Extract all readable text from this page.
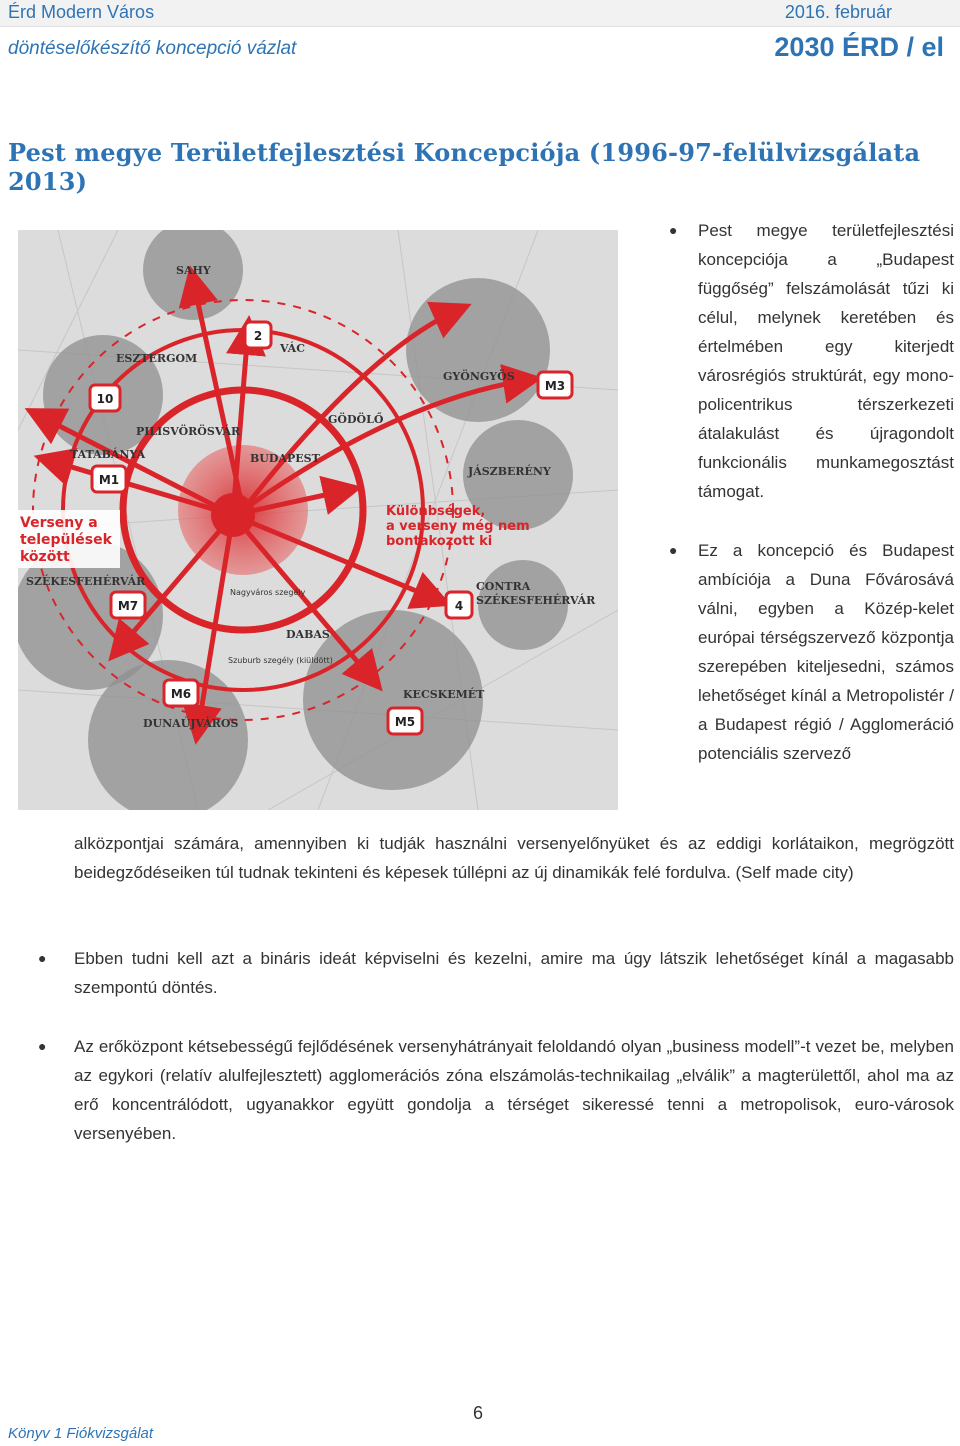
Érd Modern Város	2016. február
döntéselőkészítő koncepció vázlat	2030 ÉRD / el
Pest megye Területfejlesztési Koncepciója (1996-97-felülvizsgálata 2013)
SAHY
VÁC
ESZTERGOM
GYÖNGYÖS
PILISVÖRÖSVÁR
GÖDÖLŐ
TATABÁNYA	BUDAPEST
JÁSZBERÉNY
Különbségek,
a verseny még nem
bontakozott ki
Verseny a
települések
között
SZÉKESFEHÉRVÁR	CONTRA
SZÉKESFEHÉRVÁR
Nagyváros szegély
DABAS
Szuburb szegély (kiüldött)
KECSKEMÉT
DUNAÚJVÁROS
2
10
M3
M1
M7	4
M6
M5
● Pest megye területfejlesztési koncepciója a „Budapest függőség” felszámolását tűzi ki célul, melynek keretében és értelmében egy kiterjedt városrégiós struktúrát, egy mono-policentrikus térszerkezeti átalakulást és újragondolt funkcionális munkamegosztást támogat.
● Ez a koncepció és Budapest ambíciója a Duna Fővárosává válni, egyben a Közép-kelet európai térségszervező központja szerepében kiteljesedni, számos lehetőséget kínál a Metropolistér / a Budapest régió / Agglomeráció potenciális szervező
alközpontjai számára, amennyiben ki tudják használni versenyelőnyüket és az eddigi korlátaikon, megrögzött beidegződéseiken túl tudnak tekinteni és képesek túllépni az új dinamikák felé fordulva. (Self made city)
● Ebben tudni kell azt a bináris ideát képviselni és kezelni, amire ma úgy látszik lehetőséget kínál a magasabb szempontú döntés.
● Az erőközpont kétsebességű fejlődésének versenyhátrányait feloldandó olyan „business modell”-t vezet be, melyben az egykori (relatív alulfejlesztett) agglomerációs zóna elszámolás-technikailag „elválik” a magterülettől, ahol ma az erő koncentrálódott, ugyanakkor együtt gondolja a térséget sikeressé tenni a metropolisok, euro-városok versenyében.
6
Könyv 1 Fiókvizsgálat
